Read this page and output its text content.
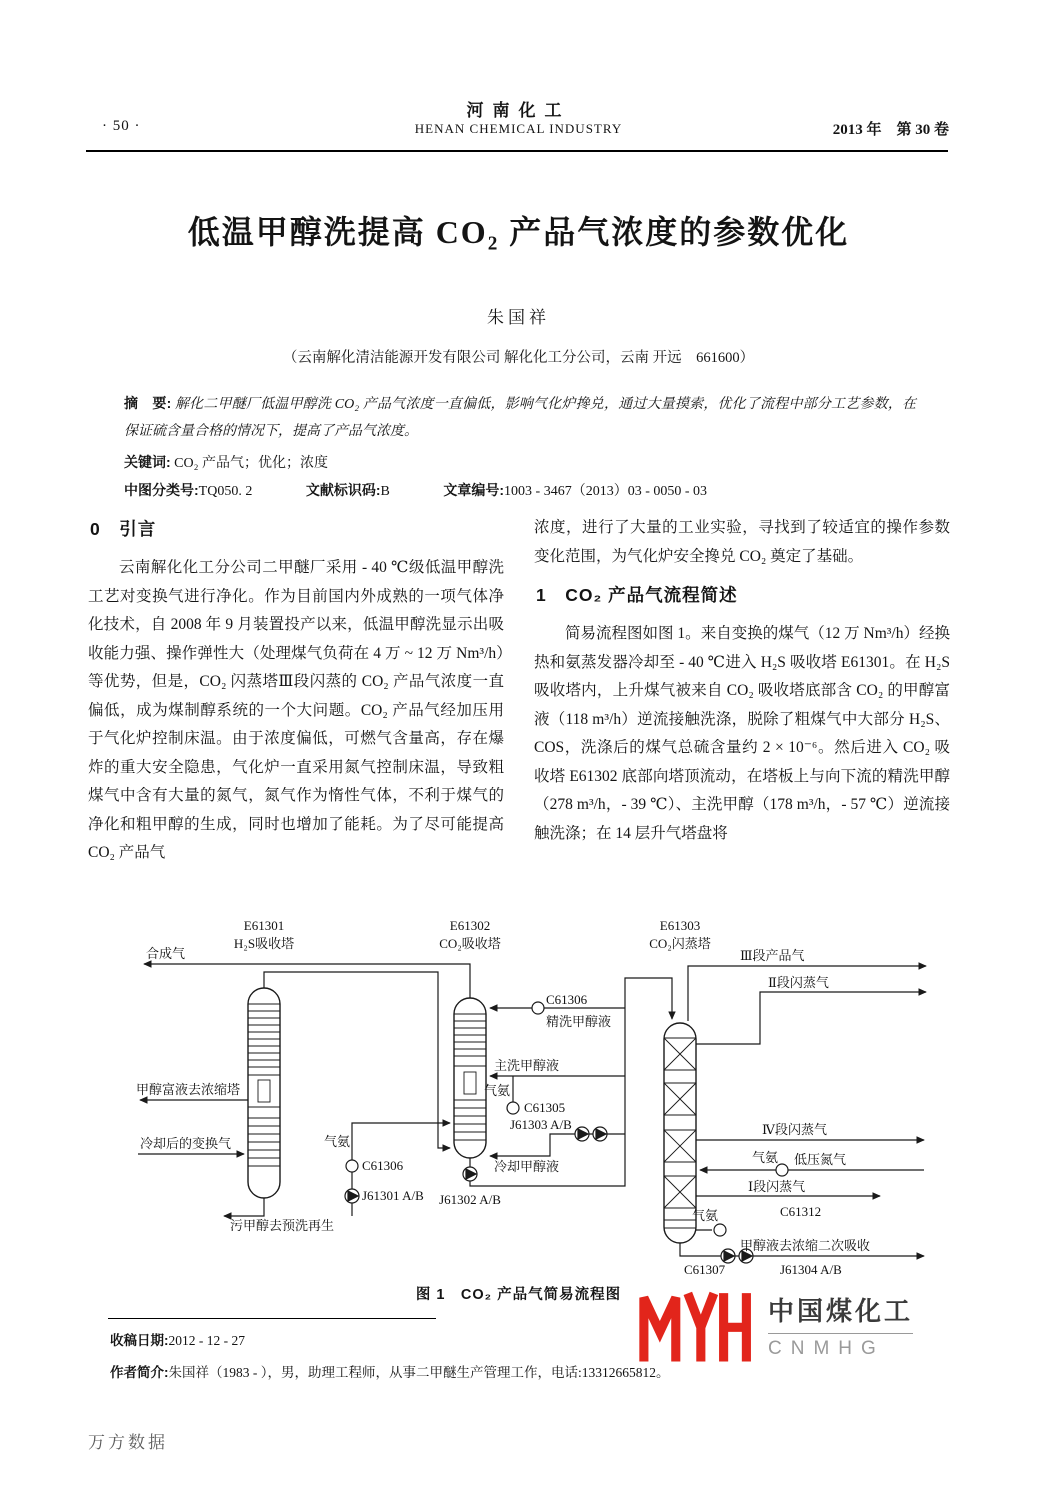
· 50 ·
河南化工
HENAN CHEMICAL INDUSTRY	2013 年　第 30 卷
低温甲醇洗提高 CO₂ 产品气浓度的参数优化
朱国祥
（云南解化清洁能源开发有限公司 解化化工分公司，云南 开远　661600）

摘　要: 解化二甲醚厂低温甲醇洗 CO₂ 产品气浓度一直偏低，影响气化炉搀兑，通过大量摸索，优化了流程中部分工艺参数，在保证硫含量合格的情况下，提高了产品气浓度。

关键词: CO₂ 产品气；优化；浓度

中图分类号:TQ050. 2	文献标识码:B	文章编号:1003 - 3467（2013）03 - 0050 - 03

0　引言

云南解化化工分公司二甲醚厂采用 - 40 ℃级低温甲醇洗工艺对变换气进行净化。作为目前国内外成熟的一项气体净化技术，自 2008 年 9 月装置投产以来，低温甲醇洗显示出吸收能力强、操作弹性大（处理煤气负荷在 4 万 ~ 12 万 Nm³/h）等优势，但是，CO₂ 闪蒸塔Ⅲ段闪蒸的 CO₂ 产品气浓度一直偏低，成为煤制醇系统的一个大问题。CO₂ 产品气经加压用于气化炉控制床温。由于浓度偏低，可燃气含量高，存在爆炸的重大安全隐患，气化炉一直采用氮气控制床温，导致粗煤气中含有大量的氮气，氮气作为惰性气体，不利于煤气的净化和粗甲醇的生成，同时也增加了能耗。为了尽可能提高 CO₂ 产品气

浓度，进行了大量的工业实验，寻找到了较适宜的操作参数变化范围，为气化炉安全搀兑 CO₂ 奠定了基础。

1　CO₂ 产品气流程简述

简易流程图如图 1。来自变换的煤气（12 万 Nm³/h）经换热和氨蒸发器冷却至 - 40 ℃进入 H₂S 吸收塔 E61301。在 H₂S 吸收塔内，上升煤气被来自 CO₂ 吸收塔底部含 CO₂ 的甲醇富液（118 m³/h）逆流接触洗涤，脱除了粗煤气中大部分 H₂S、COS，洗涤后的煤气总硫含量约 2 × 10⁻⁶。然后进入 CO₂ 吸收塔 E61302 底部向塔顶流动，在塔板上与向下流的精洗甲醇（278 m³/h，- 39 ℃）、主洗甲醇（178 m³/h，- 57 ℃）逆流接触洗涤；在 14 层升气塔盘将

E61301
H₂S吸收塔
E61302
CO₂吸收塔
E61303
CO₂闪蒸塔
合成气
甲醇富液去浓缩塔
冷却后的变换气
污甲醇去预洗再生
气氨
C61306
J61301 A/B
C61306
精洗甲醇液
主洗甲醇液
气氨
C61305
J61303 A/B
冷却甲醇液
J61302 A/B
Ⅲ段产品气
Ⅱ段闪蒸气
Ⅳ段闪蒸气
气氨 低压氮气
Ⅰ段闪蒸气
C61312
气氨
C61307
甲醇液去浓缩二次吸收
J61304 A/B
图 1　CO₂ 产品气简易流程图

收稿日期:2012 - 12 - 27

作者简介:朱国祥（1983 - ），男，助理工程师，从事二甲醚生产管理工作，电话:13312665812。

中国煤化工
CNMHG
万方数据
